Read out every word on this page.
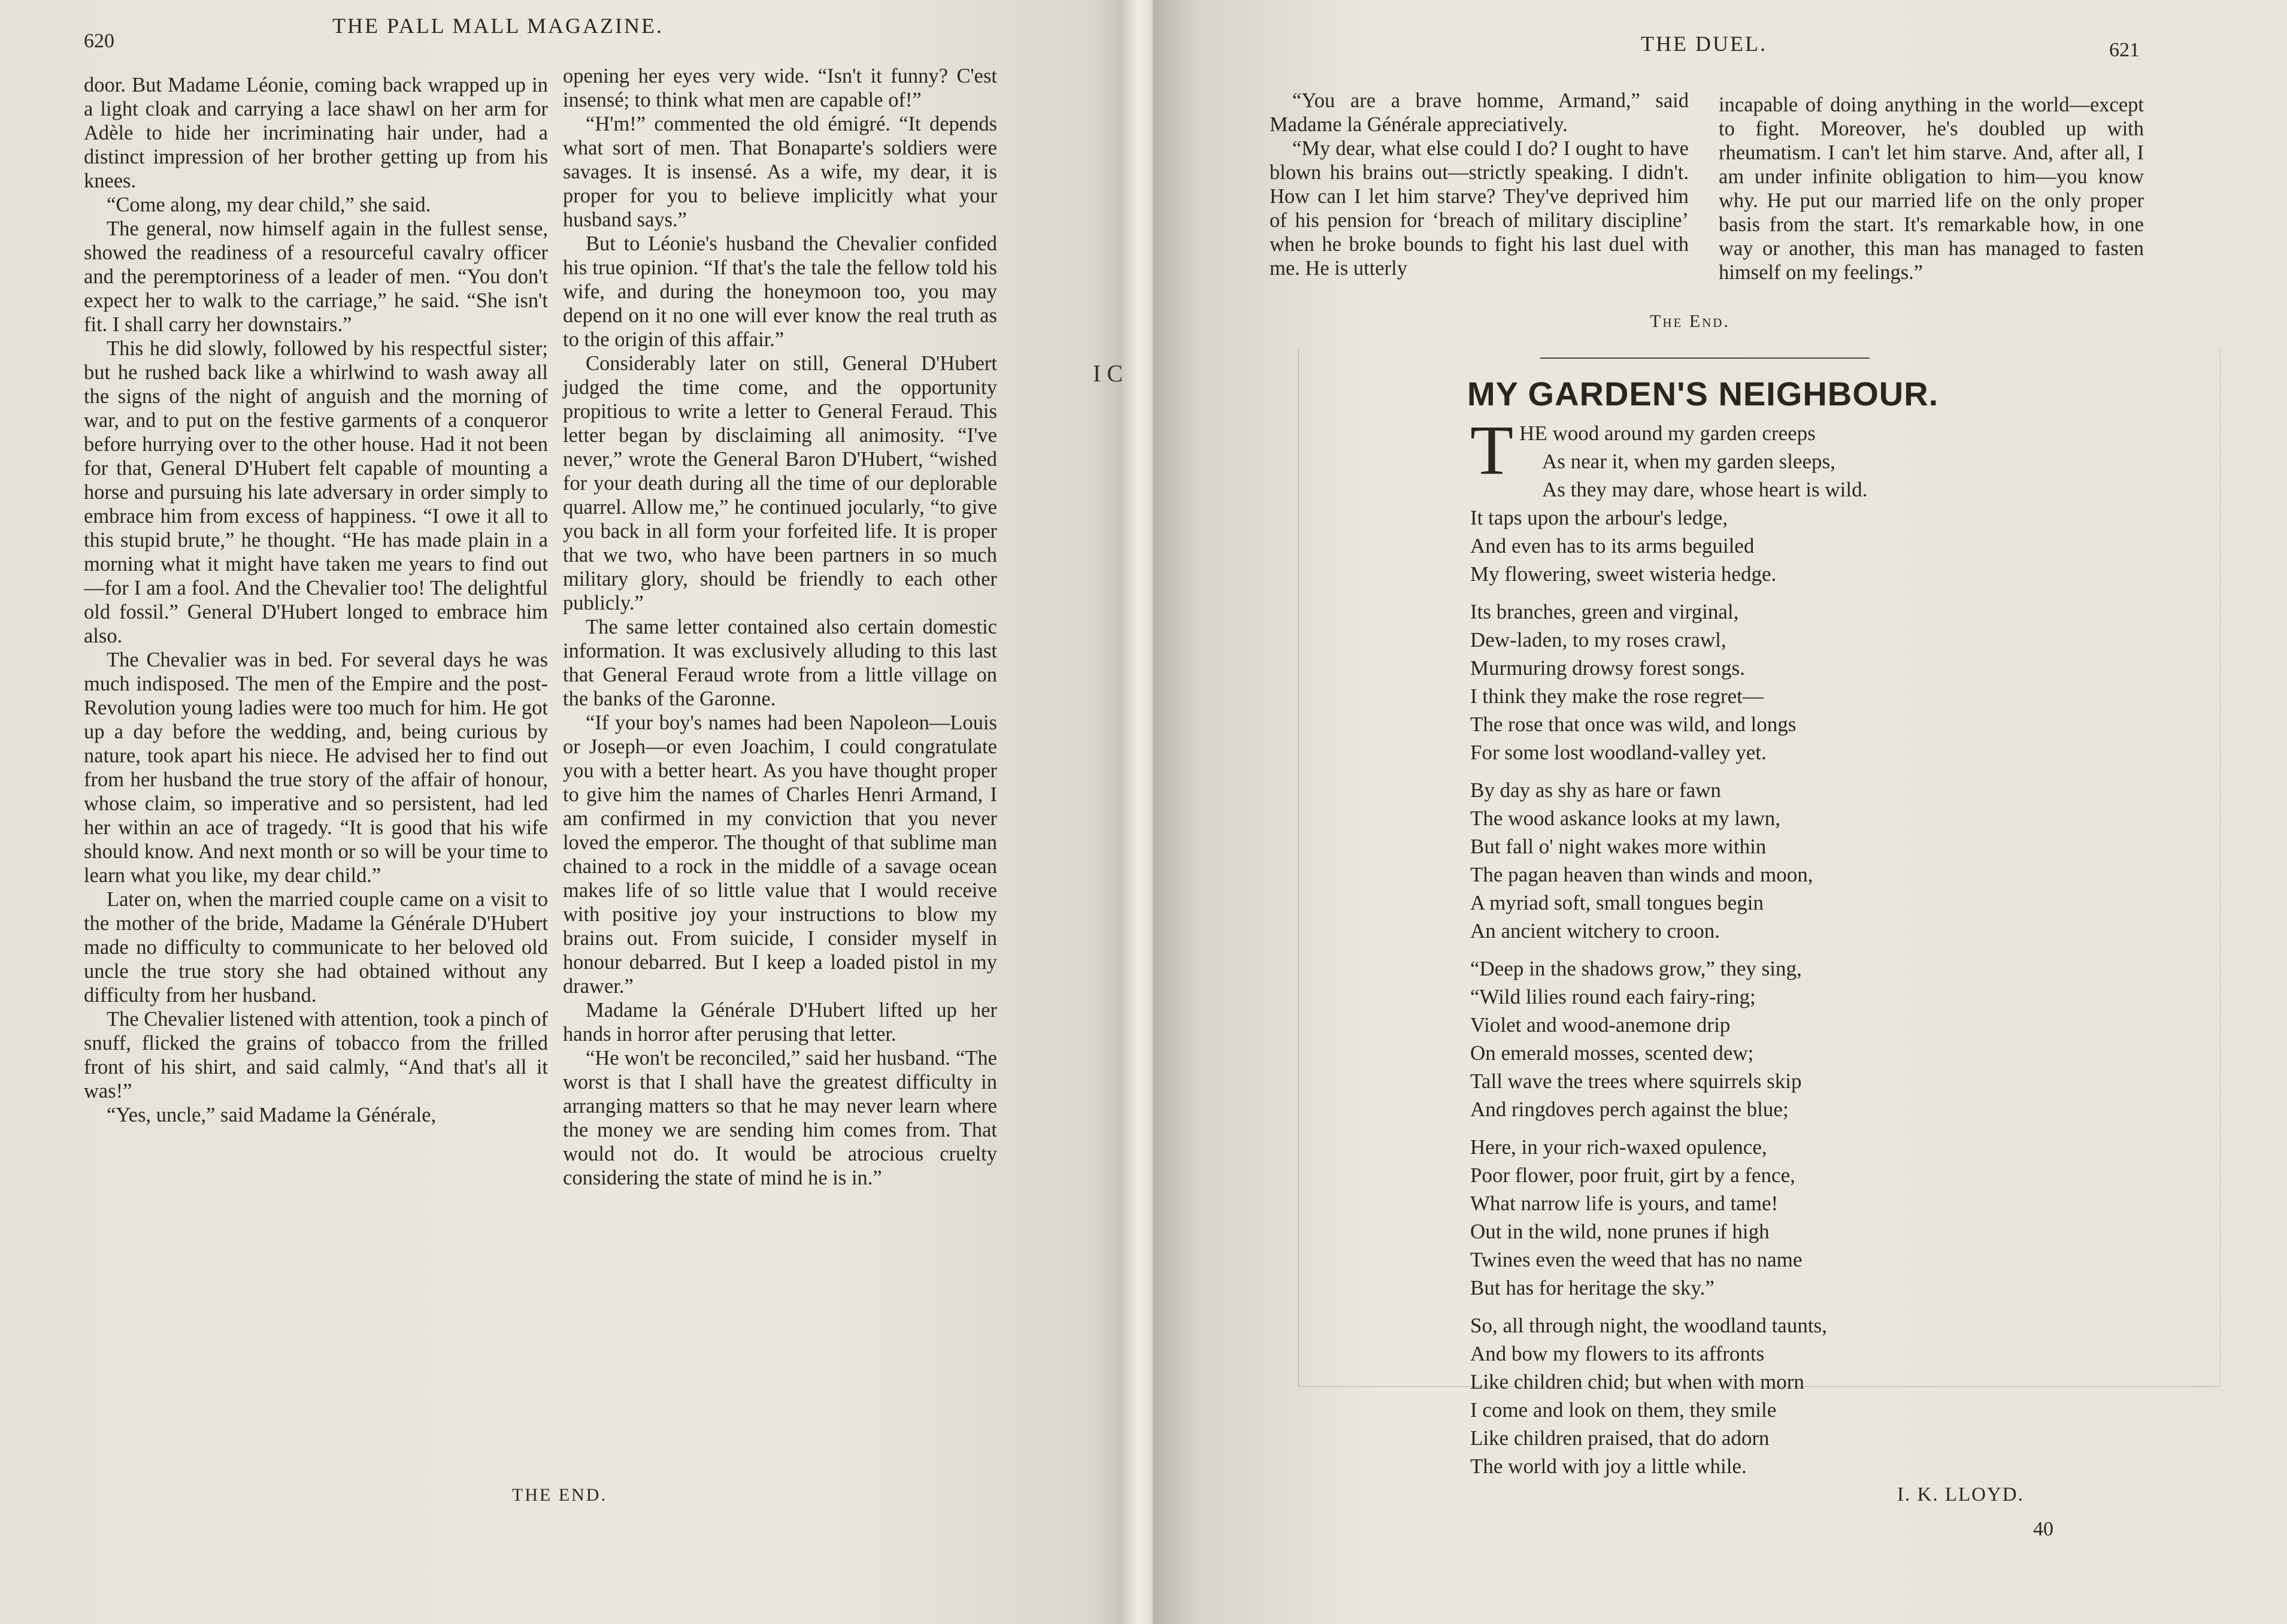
620
THE PALL MALL MAGAZINE.

door. But Madame Léonie, coming back wrapped up in a light cloak and carrying a lace shawl on her arm for Adèle to hide her incriminating hair under, had a distinct impression of her brother getting up from his knees.

“Come along, my dear child,” she said.

The general, now himself again in the fullest sense, showed the readiness of a resourceful cavalry officer and the peremptoriness of a leader of men. “You don't expect her to walk to the carriage,” he said. “She isn't fit. I shall carry her downstairs.”

This he did slowly, followed by his respectful sister; but he rushed back like a whirlwind to wash away all the signs of the night of anguish and the morning of war, and to put on the festive garments of a conqueror before hurrying over to the other house. Had it not been for that, General D'Hubert felt capable of mounting a horse and pursuing his late adversary in order simply to embrace him from excess of happiness. “I owe it all to this stupid brute,” he thought. “He has made plain in a morning what it might have taken me years to find out—for I am a fool. And the Chevalier too! The delightful old fossil.” General D'Hubert longed to embrace him also.

The Chevalier was in bed. For several days he was much indisposed. The men of the Empire and the post-Revolution young ladies were too much for him. He got up a day before the wedding, and, being curious by nature, took apart his niece. He advised her to find out from her husband the true story of the affair of honour, whose claim, so imperative and so persistent, had led her within an ace of tragedy. “It is good that his wife should know. And next month or so will be your time to learn what you like, my dear child.”

Later on, when the married couple came on a visit to the mother of the bride, Madame la Générale D'Hubert made no difficulty to communicate to her beloved old uncle the true story she had obtained without any difficulty from her husband.

The Chevalier listened with attention, took a pinch of snuff, flicked the grains of tobacco from the frilled front of his shirt, and said calmly, “And that's all it was!”

“Yes, uncle,” said Madame la Générale,

opening her eyes very wide. “Isn't it funny? C'est insensé; to think what men are capable of!”

“H'm!” commented the old émigré. “It depends what sort of men. That Bonaparte's soldiers were savages. It is insensé. As a wife, my dear, it is proper for you to believe implicitly what your husband says.”

But to Léonie's husband the Chevalier confided his true opinion. “If that's the tale the fellow told his wife, and during the honeymoon too, you may depend on it no one will ever know the real truth as to the origin of this affair.”

Considerably later on still, General D'Hubert judged the time come, and the opportunity propitious to write a letter to General Feraud. This letter began by disclaiming all animosity. “I've never,” wrote the General Baron D'Hubert, “wished for your death during all the time of our deplorable quarrel. Allow me,” he continued jocularly, “to give you back in all form your forfeited life. It is proper that we two, who have been partners in so much military glory, should be friendly to each other publicly.”

The same letter contained also certain domestic information. It was exclusively alluding to this last that General Feraud wrote from a little village on the banks of the Garonne.

“If your boy's names had been Napoleon—Louis or Joseph—or even Joachim, I could congratulate you with a better heart. As you have thought proper to give him the names of Charles Henri Armand, I am confirmed in my conviction that you never loved the emperor. The thought of that sublime man chained to a rock in the middle of a savage ocean makes life of so little value that I would receive with positive joy your instructions to blow my brains out. From suicide, I consider myself in honour debarred. But I keep a loaded pistol in my drawer.”

Madame la Générale D'Hubert lifted up her hands in horror after perusing that letter.

“He won't be reconciled,” said her husband. “The worst is that I shall have the greatest difficulty in arranging matters so that he may never learn where the money we are sending him comes from. That would not do. It would be atrocious cruelty considering the state of mind he is in.”

THE END.
I C
THE DUEL.	621

“You are a brave homme, Armand,” said Madame la Générale appreciatively.

“My dear, what else could I do? I ought to have blown his brains out—strictly speaking. I didn't. How can I let him starve? They've deprived him of his pension for ‘breach of military discipline’ when he broke bounds to fight his last duel with me. He is utterly

incapable of doing anything in the world—except to fight. Moreover, he's doubled up with rheumatism. I can't let him starve. And, after all, I am under infinite obligation to him—you know why. He put our married life on the only proper basis from the start. It's remarkable how, in one way or another, this man has managed to fasten himself on my feelings.”

The End.
MY GARDEN'S NEIGHBOUR.
T HE wood around my garden creeps
As near it, when my garden sleeps,
As they may dare, whose heart is wild.
It taps upon the arbour's ledge,
And even has to its arms beguiled
My flowering, sweet wisteria hedge.
Its branches, green and virginal,
Dew-laden, to my roses crawl,
Murmuring drowsy forest songs.
I think they make the rose regret—
The rose that once was wild, and longs
For some lost woodland-valley yet.
By day as shy as hare or fawn
The wood askance looks at my lawn,
But fall o' night wakes more within
The pagan heaven than winds and moon,
A myriad soft, small tongues begin
An ancient witchery to croon.
“Deep in the shadows grow,” they sing,
“Wild lilies round each fairy-ring;
Violet and wood-anemone drip
On emerald mosses, scented dew;
Tall wave the trees where squirrels skip
And ringdoves perch against the blue;
Here, in your rich-waxed opulence,
Poor flower, poor fruit, girt by a fence,
What narrow life is yours, and tame!
Out in the wild, none prunes if high
Twines even the weed that has no name
But has for heritage the sky.”
So, all through night, the woodland taunts,
And bow my flowers to its affronts
Like children chid; but when with morn
I come and look on them, they smile
Like children praised, that do adorn
The world with joy a little while.
I. K. LLOYD.
40
